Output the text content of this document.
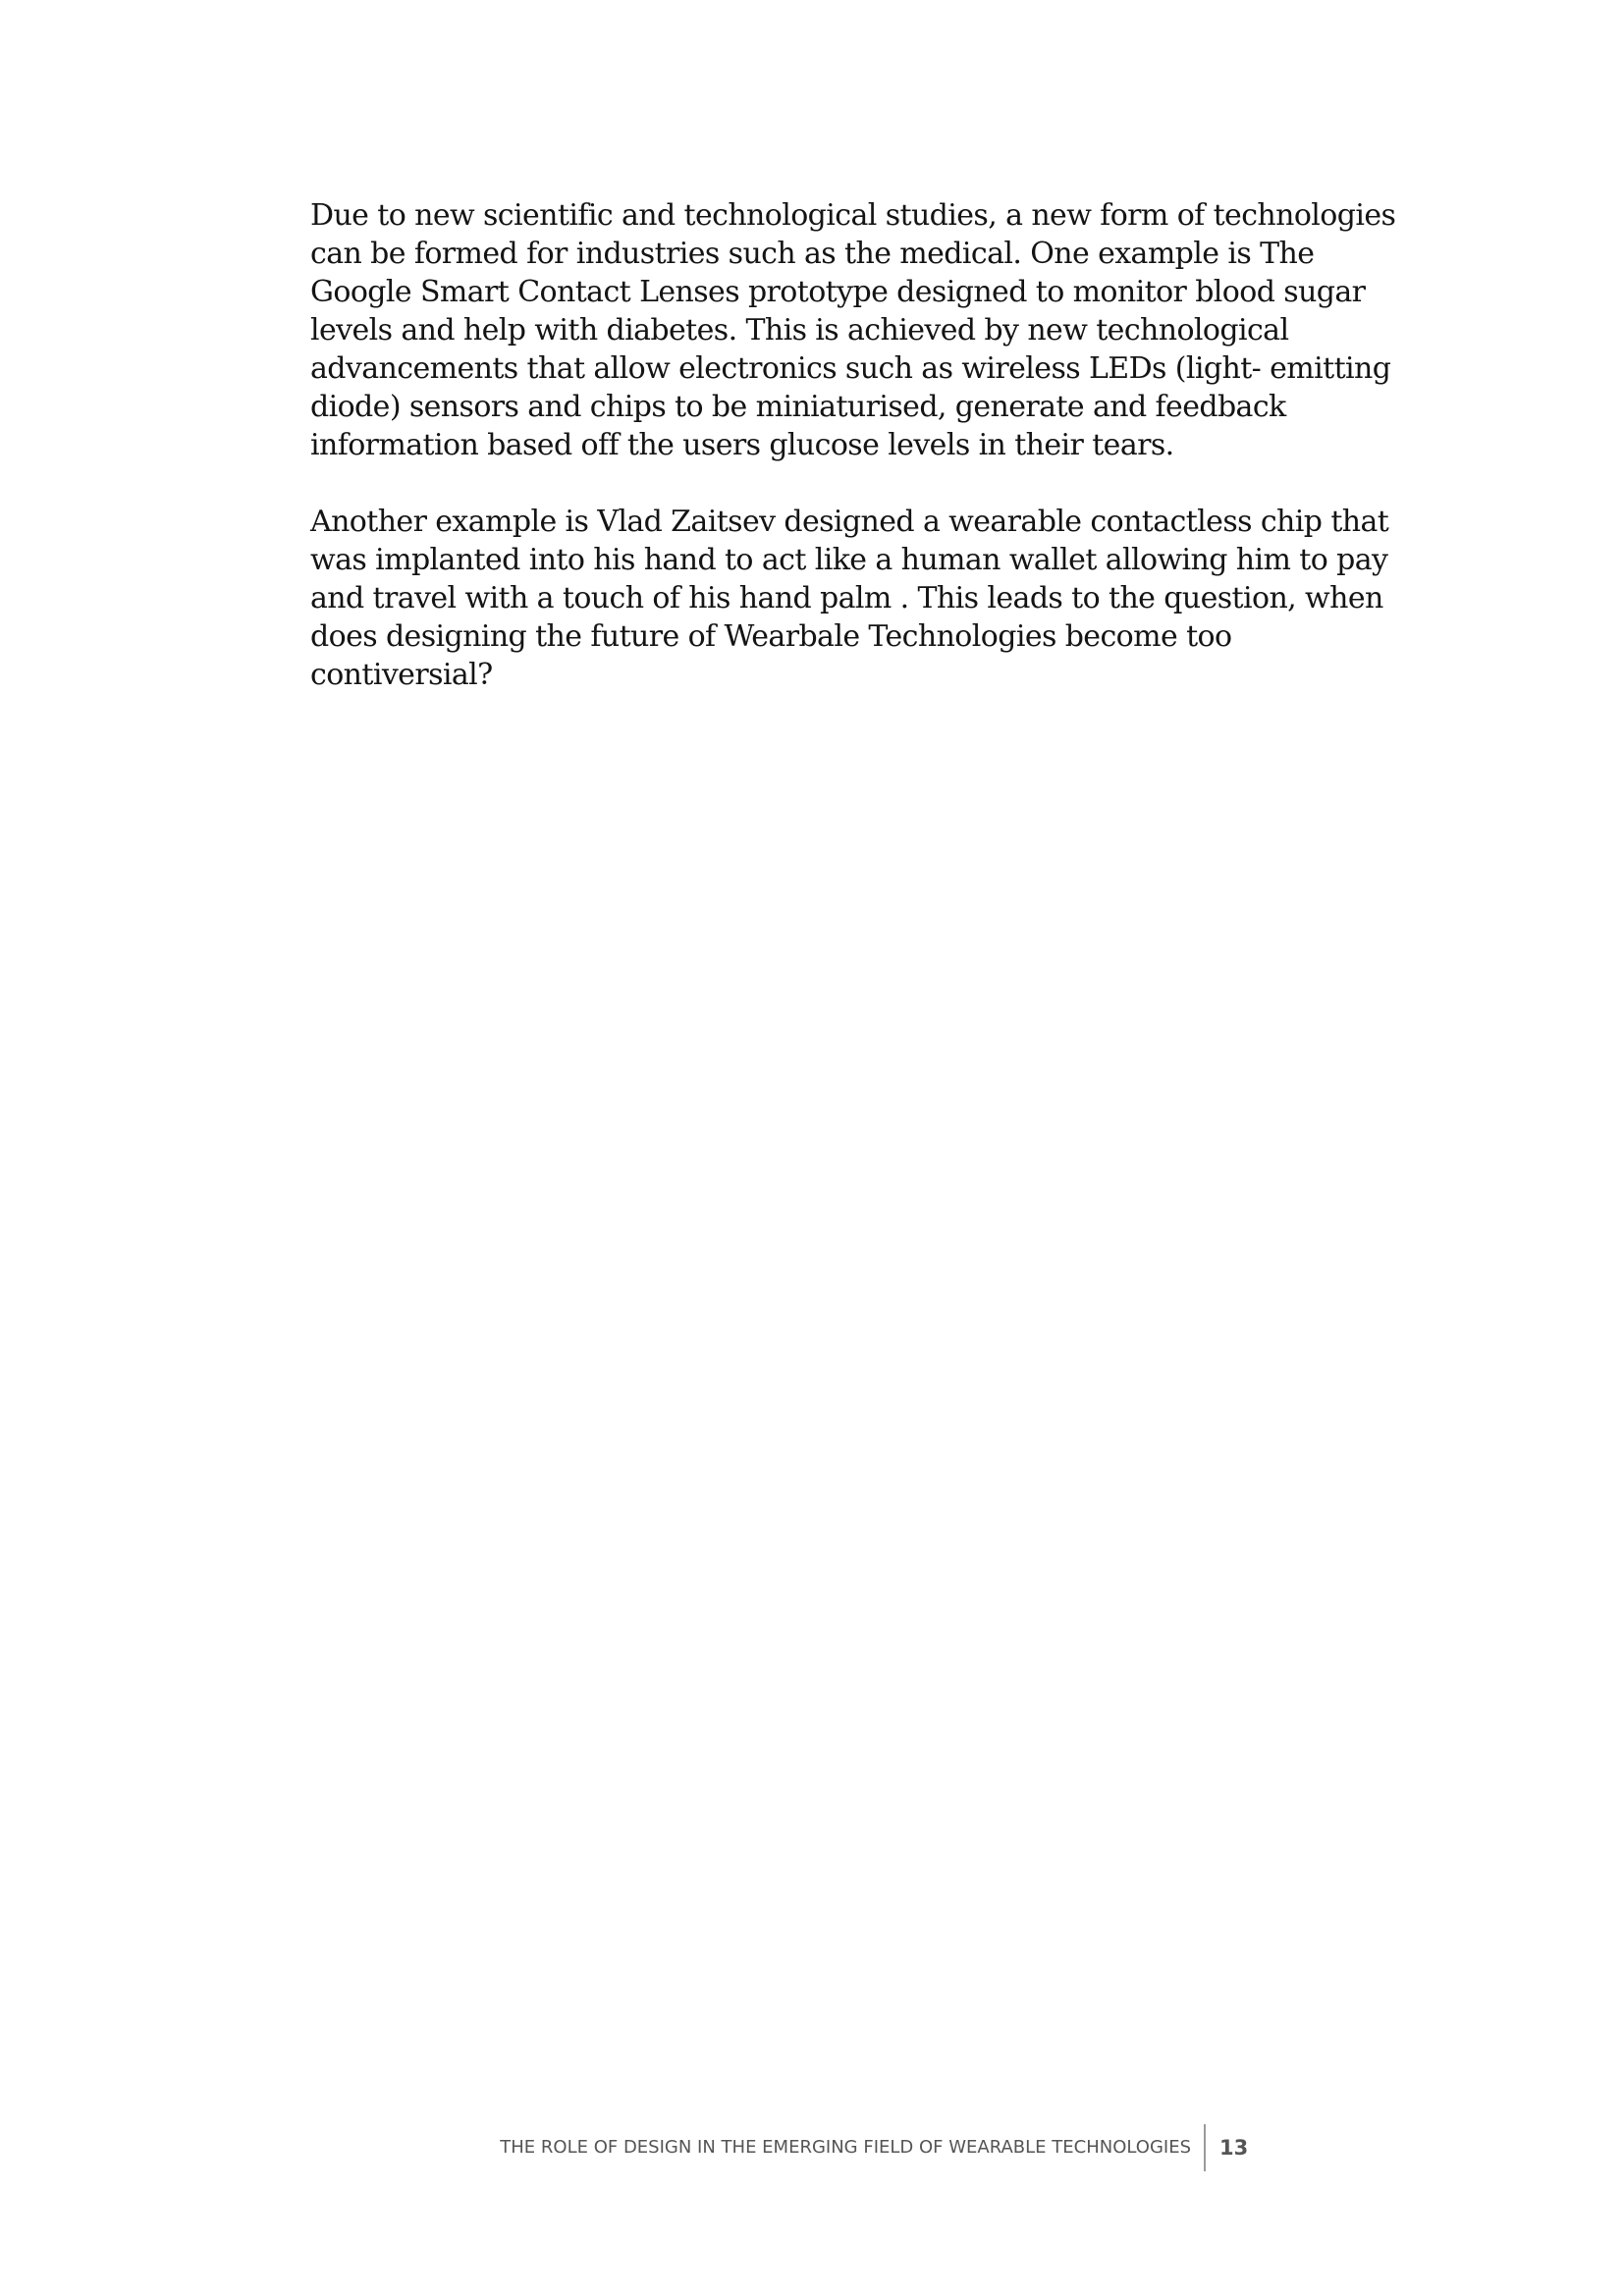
Due to new scientific and technological studies, a new form of technologies can be formed for industries such as the medical. One example is The Google Smart Contact Lenses prototype designed to monitor blood sugar levels and help with diabetes. This is achieved by new technological advancements that allow electronics such as wireless LEDs (light- emitting diode) sensors and chips to be miniaturised, generate and feedback information based off the users glucose levels in their tears.

Another example is Vlad Zaitsev designed a wearable contactless chip that was implanted into his hand to act like a human wallet allowing him to pay and travel with a touch of his hand palm . This leads to the question, when does designing the future of Wearbale Technologies become too contiversial?

THE ROLE OF DESIGN IN THE EMERGING FIELD OF WEARABLE TECHNOLOGIES 13
